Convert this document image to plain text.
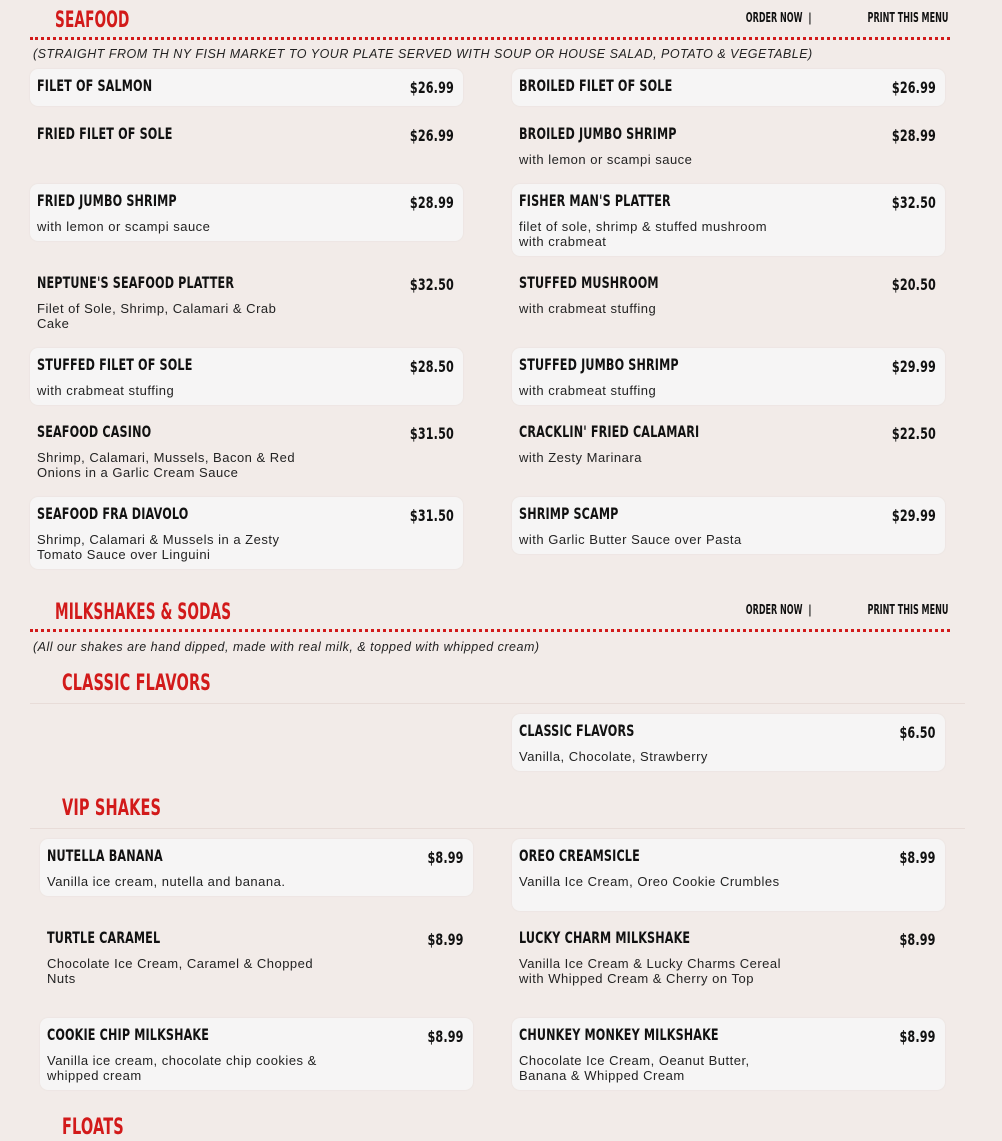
SEAFOOD	ORDER NOW |	PRINT THIS MENU
(STRAIGHT FROM TH NY FISH MARKET TO YOUR PLATE SERVED WITH SOUP OR HOUSE SALAD, POTATO & VEGETABLE)
FILET OF SALMON	$26.99	BROILED FILET OF SOLE	$26.99
FRIED FILET OF SOLE	$26.99	BROILED JUMBO SHRIMP	$28.99
with lemon or scampi sauce
FRIED JUMBO SHRIMP	$28.99
with lemon or scampi sauce
FISHER MAN'S PLATTER	$32.50
filet of sole, shrimp & stuffed mushroom with crabmeat
NEPTUNE'S SEAFOOD PLATTER	$32.50
Filet of Sole, Shrimp, Calamari & Crab Cake
STUFFED MUSHROOM	$20.50
with crabmeat stuffing
STUFFED FILET OF SOLE	$28.50
with crabmeat stuffing
STUFFED JUMBO SHRIMP	$29.99
with crabmeat stuffing
SEAFOOD CASINO	$31.50
Shrimp, Calamari, Mussels, Bacon & Red Onions in a Garlic Cream Sauce
CRACKLIN' FRIED CALAMARI	$22.50
with Zesty Marinara
SEAFOOD FRA DIAVOLO	$31.50
Shrimp, Calamari & Mussels in a Zesty Tomato Sauce over Linguini
SHRIMP SCAMP	$29.99
with Garlic Butter Sauce over Pasta
MILKSHAKES & SODAS	ORDER NOW |	PRINT THIS MENU
(All our shakes are hand dipped, made with real milk, & topped with whipped cream)
CLASSIC FLAVORS
CLASSIC FLAVORS	$6.50
Vanilla, Chocolate, Strawberry
VIP SHAKES
NUTELLA BANANA	$8.99
Vanilla ice cream, nutella and banana.
OREO CREAMSICLE	$8.99
Vanilla Ice Cream, Oreo Cookie Crumbles
TURTLE CARAMEL	$8.99
Chocolate Ice Cream, Caramel & Chopped Nuts
LUCKY CHARM MILKSHAKE	$8.99
Vanilla Ice Cream & Lucky Charms Cereal with Whipped Cream & Cherry on Top
COOKIE CHIP MILKSHAKE	$8.99
Vanilla ice cream, chocolate chip cookies & whipped cream
CHUNKEY MONKEY MILKSHAKE	$8.99
Chocolate Ice Cream, Oeanut Butter, Banana & Whipped Cream
FLOATS
